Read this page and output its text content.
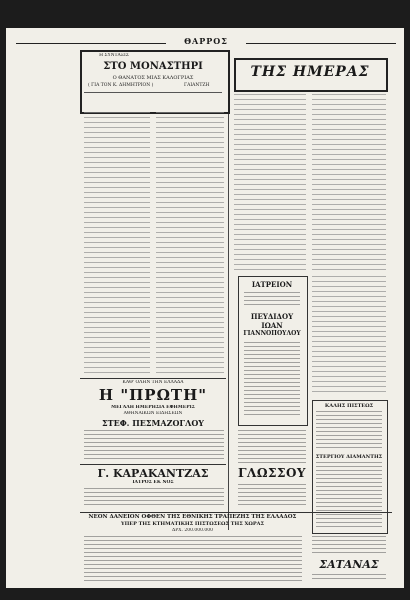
ΘΑΡΡΟΣ
Η ΣΥΝΤΑΞΙΣ
ΣΤΟ ΜΟΝΑΣΤΗΡΙ
Ο ΘΑΝΑΤΟΣ ΜΙΑΣ ΚΑΛΟΓΡΙΑΣ
( ΓΙΑ ΤΟΝ Κ. ΔΗΜΗΤΡΙΟΝ )	ΓΑΙΑΝΤΖΗ
ΚΑΘ' ΟΛΗΝ ΤΗΝ ΕΛΛΑΔΑ
Η "ΠΡΩΤΗ"
ΜΕΓΑΛΗ ΗΜΕΡΗΣΙΑ ΕΦΗΜΕΡΙΣ
ΑΘΗΝΑΙΚΩΝ ΕΙΔΗΣΕΩΝ
ΣΤΕΦ. ΠΕΣΜΑΖΟΓΛΟΥ
Γ. ΚΑΡΑΚΑΝΤΖΑΣ
ΙΑΤΡΟΣ ΕΚ ΝΟΣ
ΝΕΟΝ ΔΑΝΕΙΟΝ ΟΦΘΕΝ ΤΗΣ ΕΘΝΙΚΗΣ ΤΡΑΠΕΖΗΣ ΤΗΣ ΕΛΛΑΔΟΣ
ΥΠΕΡ ΤΗΣ ΚΤΗΜΑΤΙΚΗΣ ΠΙΣΤΩΣΕΩΣ ΤΗΣ ΧΩΡΑΣ
ΔΡΧ. 200.000.000
ΤΗΣ ΗΜΕΡΑΣ
ΙΑΤΡΕΙΟΝ
ΠΕΥΔΙΔΟΥ
ΙΩΑΝ
ΓΙΑΝΝΟΠΟΥΛΟΥ
ΚΑΛΗΣ ΠΙΣΤΕΩΣ
ΣΤΕΡΓΙΟΥ ΔΙΑΜΑΝΤΗΣ
ΓΛΩΣΣΟΥ
ΣΑΤΑΝΑΣ
